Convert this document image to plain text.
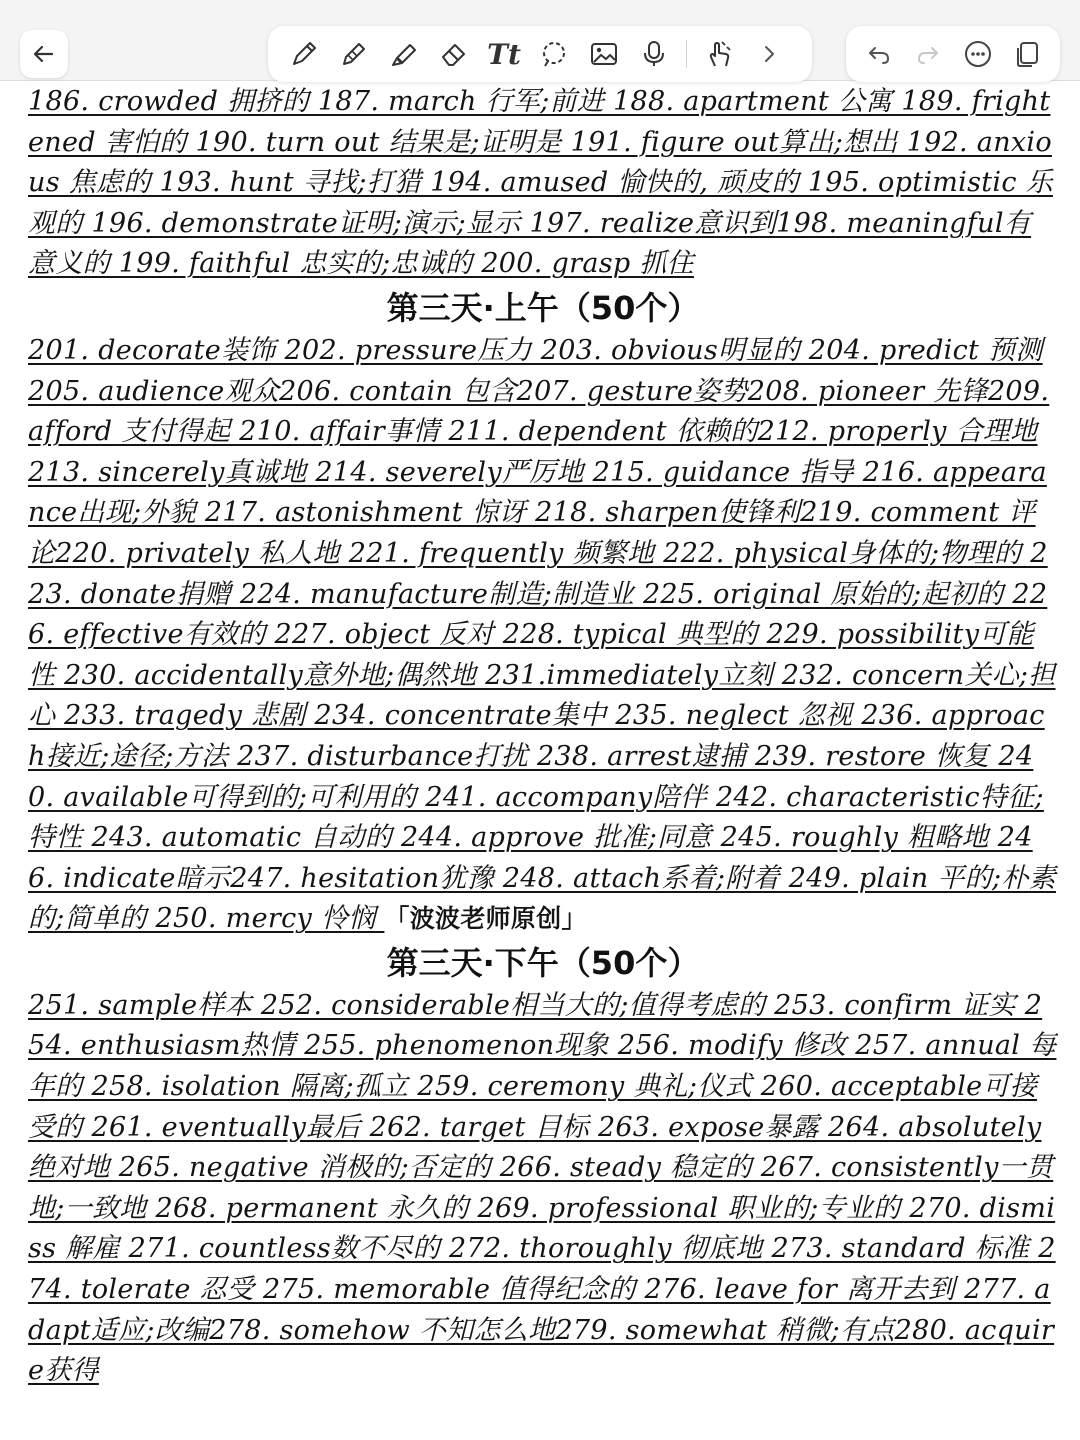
Tt

186. crowded 拥挤的 187. march 行军;前进 188. apartment 公寓 189. frightened 害怕的 190. turn out 结果是;证明是 191. figure out算出;想出 192. anxious 焦虑的 193. hunt 寻找;打猎 194. amused 愉快的, 顽皮的 195. optimistic 乐观的 196. demonstrate证明;演示;显示 197. realize意识到198. meaningful有意义的 199. faithful 忠实的;忠诚的 200. grasp 抓住

第三天·上午（50个）

201. decorate装饰 202. pressure压力 203. obvious明显的 204. predict 预测205. audience观众206. contain 包含207. gesture姿势208. pioneer 先锋209. afford 支付得起 210. affair事情 211. dependent 依赖的212. properly 合理地 213. sincerely真诚地 214. severely严厉地 215. guidance 指导 216. appearance出现;外貌 217. astonishment 惊讶 218. sharpen使锋利219. comment 评论220. privately 私人地 221. frequently 频繁地 222. physical身体的;物理的 223. donate捐赠 224. manufacture制造;制造业 225. original 原始的;起初的 226. effective有效的 227. object 反对 228. typical 典型的 229. possibility可能性 230. accidentally意外地;偶然地 231.immediately立刻 232. concern关心;担心 233. tragedy 悲剧 234. concentrate集中 235. neglect 忽视 236. approach接近;途径;方法 237. disturbance打扰 238. arrest逮捕 239. restore 恢复 240. available可得到的;可利用的 241. accompany陪伴 242. characteristic特征;特性 243. automatic 自动的 244. approve 批准;同意 245. roughly 粗略地 246. indicate暗示247. hesitation犹豫 248. attach系着;附着 249. plain 平的;朴素的;简单的 250. mercy 怜悯 「波波老师原创」

第三天·下午（50个）

251. sample样本 252. considerable相当大的;值得考虑的 253. confirm 证实 254. enthusiasm热情 255. phenomenon现象 256. modify 修改 257. annual 每年的 258. isolation 隔离;孤立 259. ceremony 典礼;仪式 260. acceptable可接受的 261. eventually最后 262. target 目标 263. expose暴露 264. absolutely绝对地 265. negative 消极的;否定的 266. steady 稳定的 267. consistently一贯地;一致地 268. permanent 永久的 269. professional 职业的;专业的 270. dismiss 解雇 271. countless数不尽的 272. thoroughly 彻底地 273. standard 标准 274. tolerate 忍受 275. memorable 值得纪念的 276. leave for 离开去到 277. adapt适应;改编278. somehow 不知怎么地279. somewhat 稍微;有点280. acquire获得
